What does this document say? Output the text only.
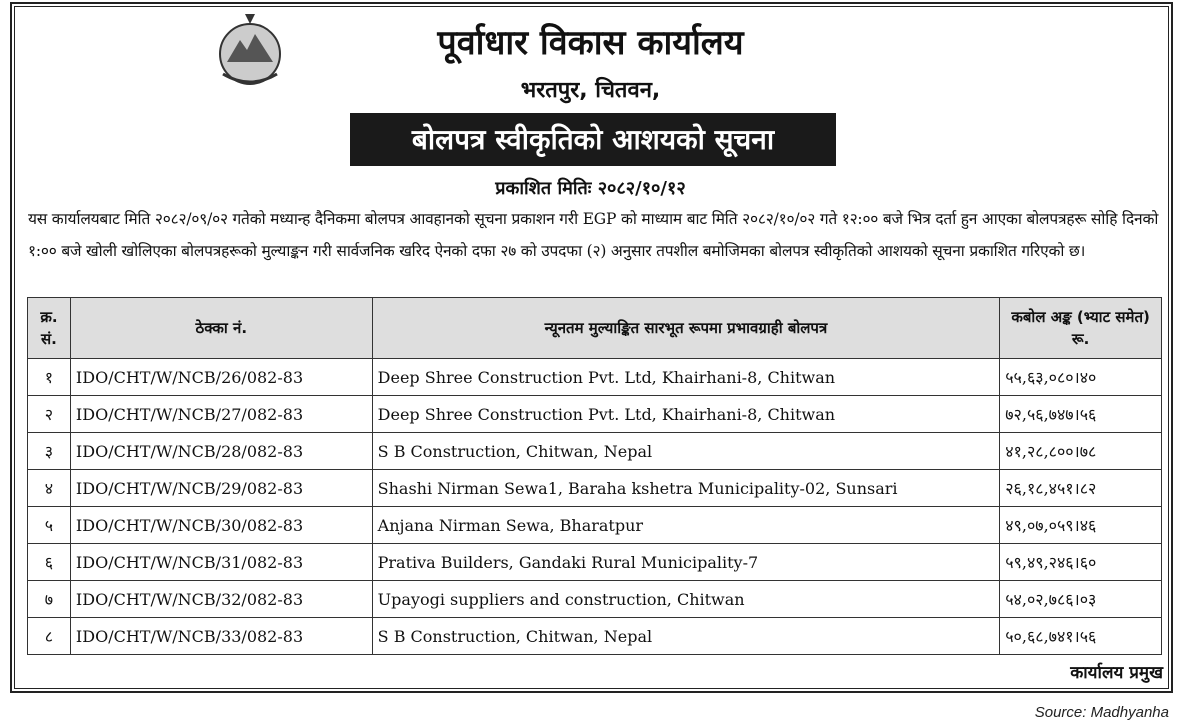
पूर्वाधार विकास कार्यालय
भरतपुर, चितवन,
बोलपत्र स्वीकृतिको आशयको सूचना
प्रकाशित मितिः २०८२/१०/१२
यस कार्यालयबाट मिति २०८२/०९/०२ गतेको मध्यान्ह दैनिकमा बोलपत्र आवहानको सूचना प्रकाशन गरी EGP को माध्याम बाट मिति २०८२/१०/०२ गते १२:०० बजे भित्र दर्ता हुन आएका बोलपत्रहरू सोहि दिनको १:०० बजे खोली खोलिएका बोलपत्रहरूको मुल्याङ्कन गरी सार्वजनिक खरिद ऐनको दफा २७ को उपदफा (२) अनुसार तपशील बमोजिमका बोलपत्र स्वीकृतिको आशयको सूचना प्रकाशित गरिएको छ।
क्र. सं.	ठेक्का नं.	न्यूनतम मुल्याङ्कित सारभूत रूपमा प्रभावग्राही बोलपत्र	कबोल अङ्क (भ्याट समेत) रू.
१	IDO/CHT/W/NCB/26/082-83	Deep Shree Construction Pvt. Ltd, Khairhani-8, Chitwan	५५,६३,०८०।४०
२	IDO/CHT/W/NCB/27/082-83	Deep Shree Construction Pvt. Ltd, Khairhani-8, Chitwan	७२,५६,७४७।५६
३	IDO/CHT/W/NCB/28/082-83	S B Construction, Chitwan, Nepal	४१,२८,८००।७८
४	IDO/CHT/W/NCB/29/082-83	Shashi Nirman Sewa1, Baraha kshetra Municipality-02, Sunsari	२६,१८,४५१।८२
५	IDO/CHT/W/NCB/30/082-83	Anjana Nirman Sewa, Bharatpur	४९,०७,०५९।४६
६	IDO/CHT/W/NCB/31/082-83	Prativa Builders, Gandaki Rural Municipality-7	५९,४९,२४६।६०
७	IDO/CHT/W/NCB/32/082-83	Upayogi suppliers and construction, Chitwan	५४,०२,७८६।०३
८	IDO/CHT/W/NCB/33/082-83	S B Construction, Chitwan, Nepal	५०,६८,७४१।५६
कार्यालय प्रमुख
Source: Madhyanha
